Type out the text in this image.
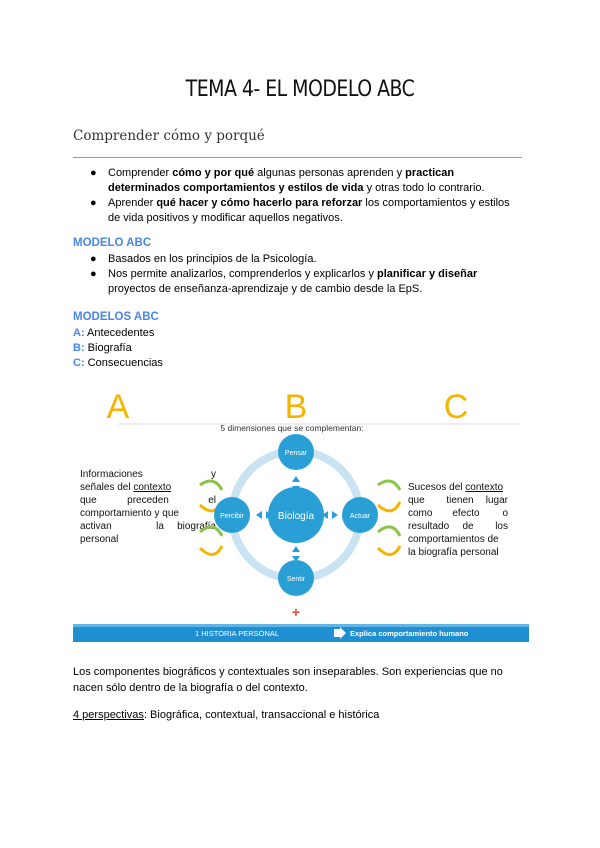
TEMA 4- EL MODELO ABC
Comprender cómo y porqué
● Comprender cómo y por qué algunas personas aprenden y practican determinados comportamientos y estilos de vida y otras todo lo contrario.
● Aprender qué hacer y cómo hacerlo para reforzar los comportamientos y estilos de vida positivos y modificar aquellos negativos.
MODELO ABC
● Basados en los principios de la Psicología.
● Nos permite analizarlos, comprenderlos y explicarlos y planificar y diseñar proyectos de enseñanza-aprendizaje y de cambio desde la EpS.
MODELOS ABC
A: Antecedentes
B: Biografía
C: Consecuencias
A	B	C
5 dimensiones que se complementan:
Informaciones	y
señales del contexto
que	preceden	el
comportamiento y que
activan	la biografía
personal
Sucesos del contexto
que tienen lugar
como efecto o
resultado de los
comportamientos de
la biografía personal
Biología
Pensar
Percibir	Actuar
Sentir
+
1 HISTORIA PERSONAL	Explica comportamiento humano
Los componentes biográficos y contextuales son inseparables. Son experiencias que no nacen sólo dentro de la biografía o del contexto.
4 perspectivas: Biográfica, contextual, transaccional e histórica
